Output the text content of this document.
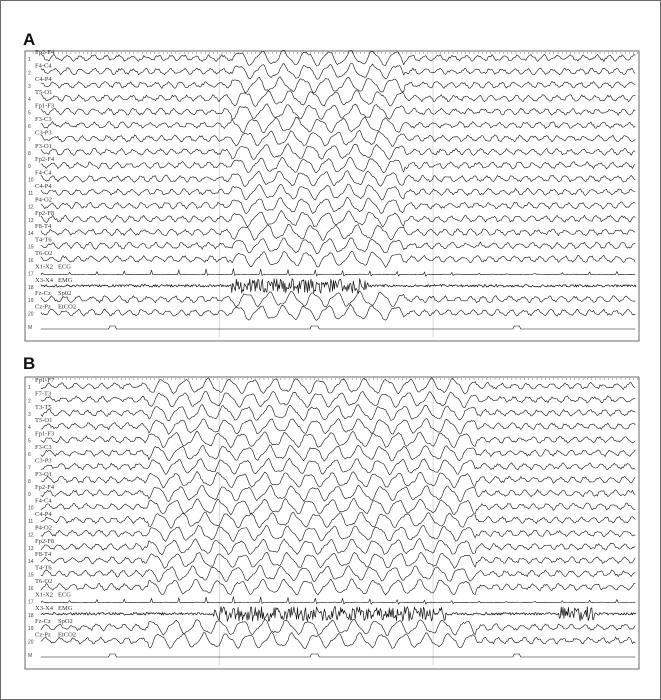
A
1
Fp2-F4
2
F4-C4
3
C4-P4
4
T5-O1
5
Fp1-F3
6
F3-C3
7
C3-P3
8
P3-O1
9
Fp2-F4
10
F4-C4
11
C4-P4
12
P4-O2
13
Fp2-F8
14
F8-T4
15
T4-T6
16
T6-O2
17
X1-X2 ECG
18
X3-X4 EMG
19
Fz-Cz Sp02
20
Cz-Pz EtCO2
M
B
1
Fp1-F7
2
F7-T3
3
T3-T5
4
T5-O1
5
Fp1-F3
6
F3-C3
7
C3-P3
8
P3-O1
9
Fp2-F4
10
F4-C4
11
C4-P4
12
P4-O2
13
Fp2-F8
14
F8-T4
15
T4-T6
16
T6-O2
17
X1-X2 ECG
18
X3-X4 EMG
19
Fz-Cz SpO2
20
Cz-Pz EtCO2
M
